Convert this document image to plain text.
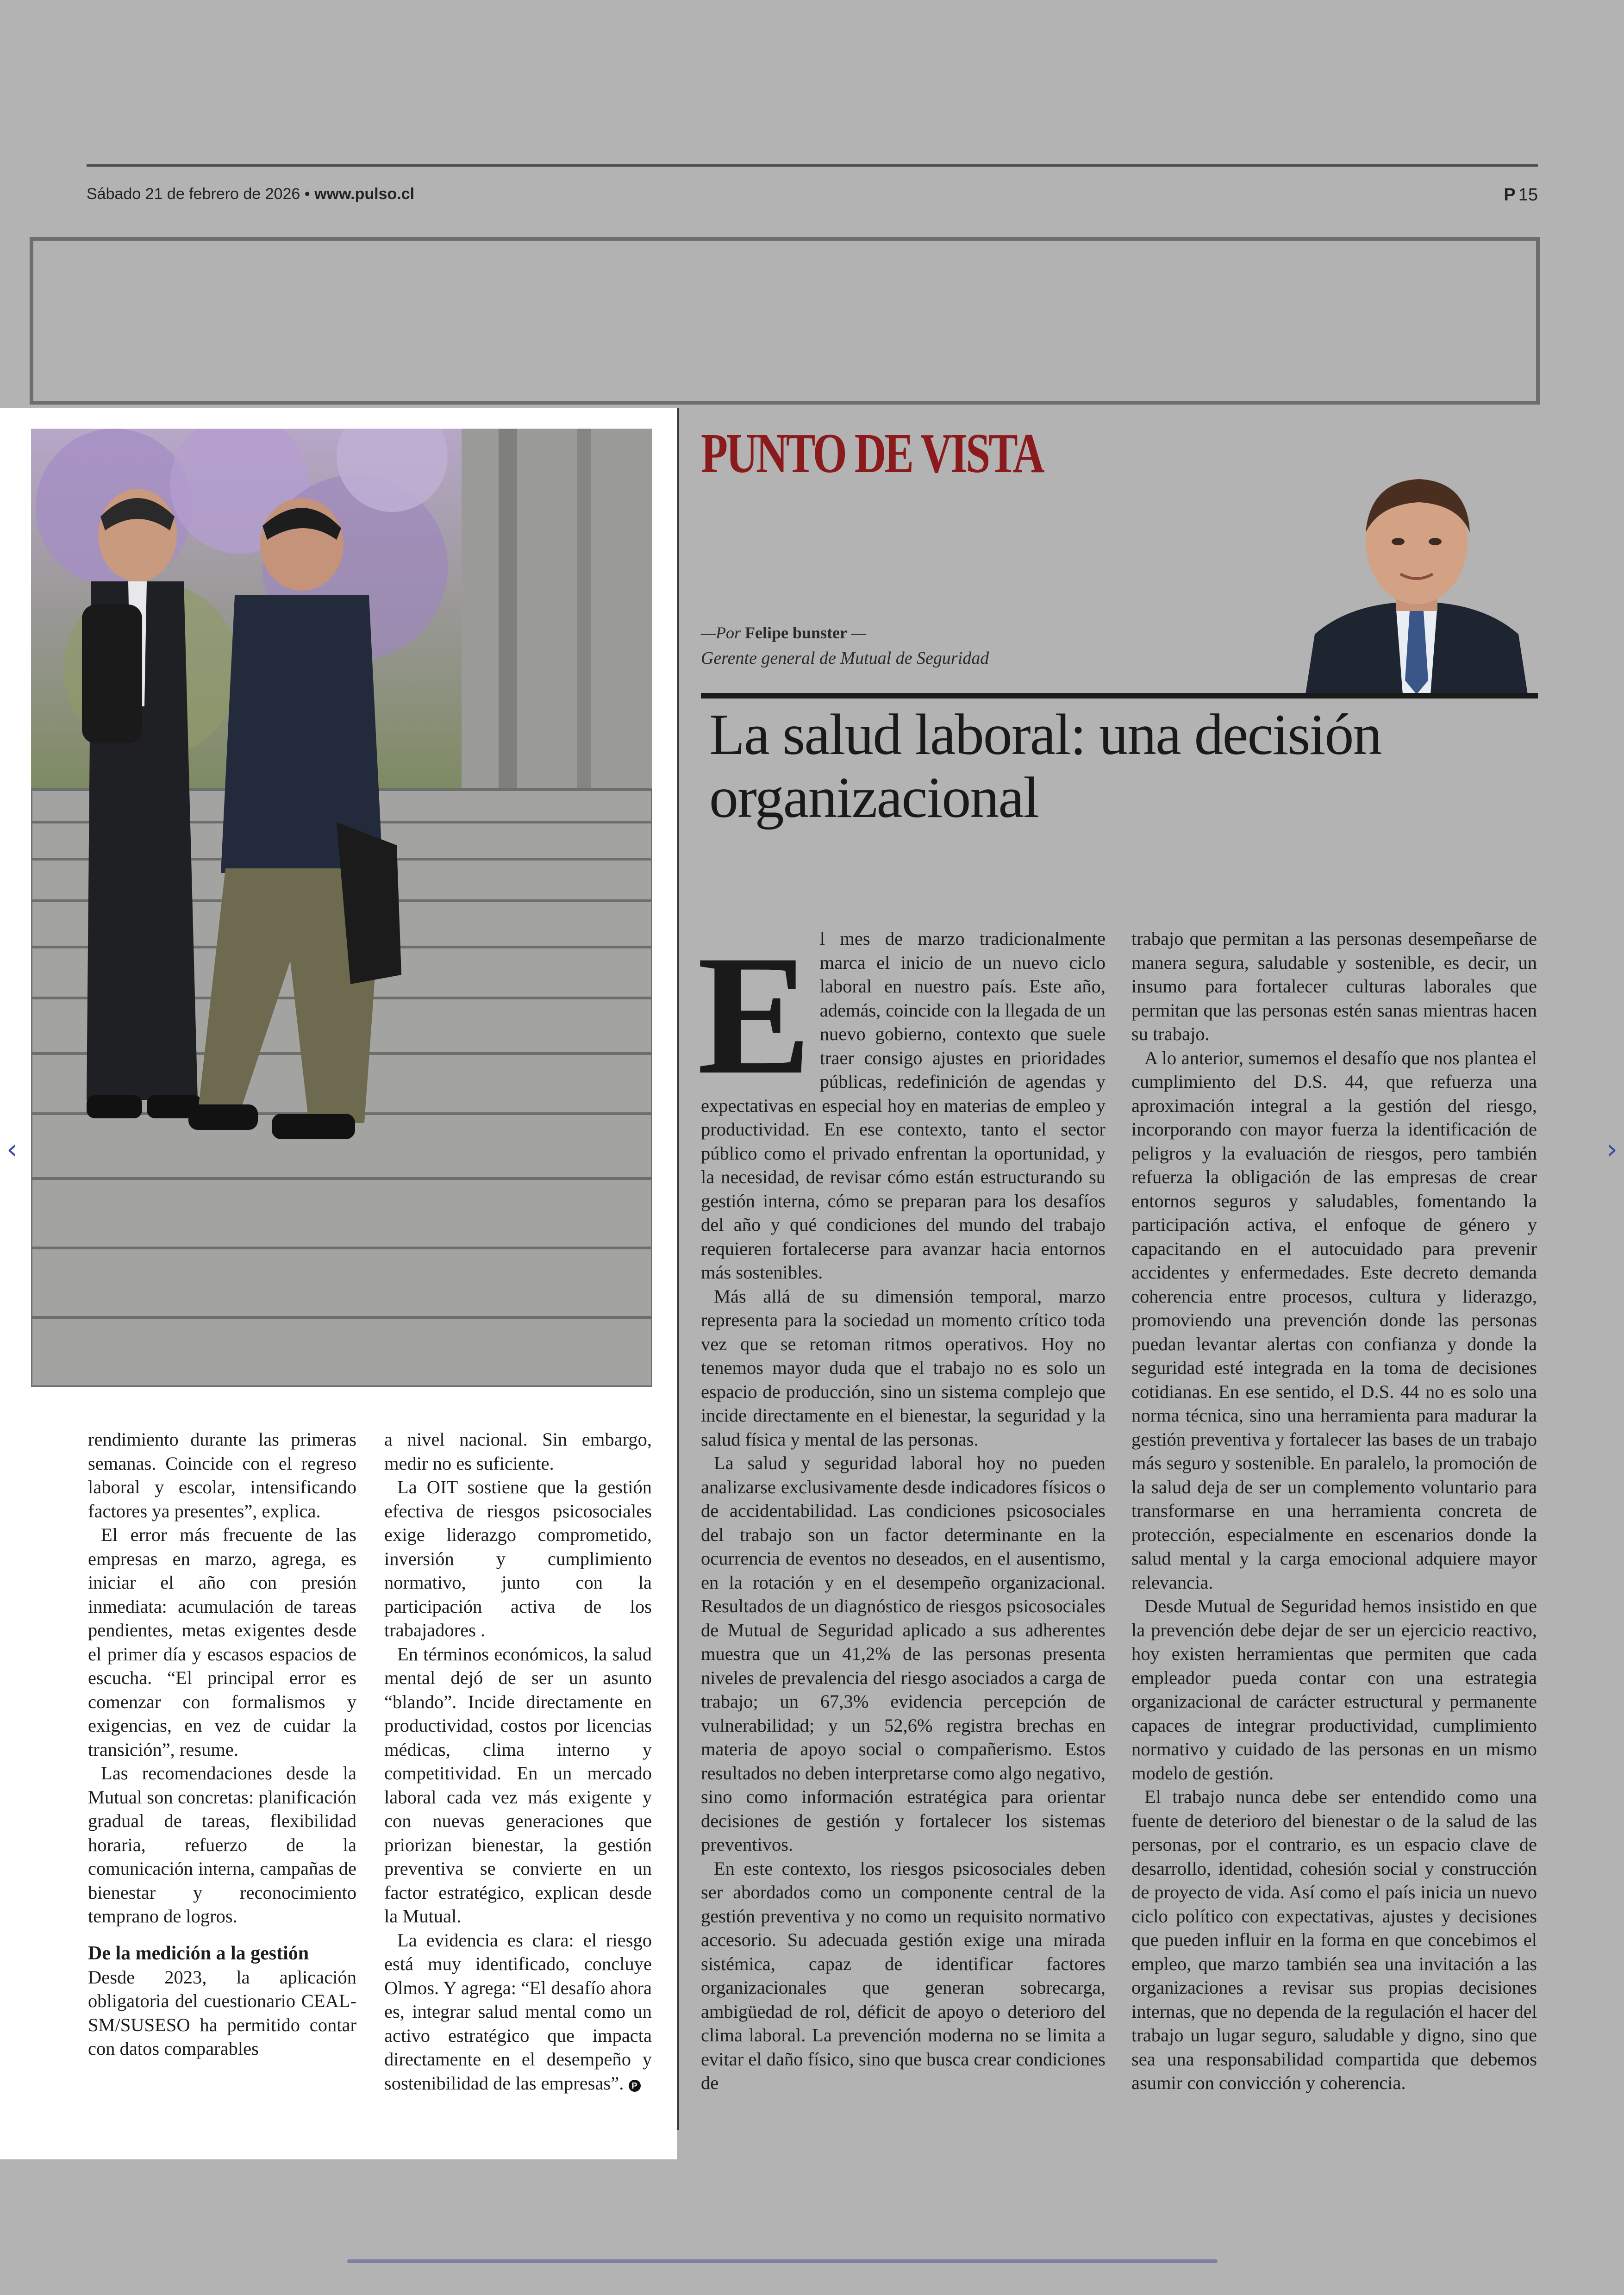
Sábado 21 de febrero de 2026 • www.pulso.cl	P 15

rendimiento durante las primeras semanas. Coincide con el regreso laboral y escolar, intensificando factores ya presentes”, explica.

El error más frecuente de las empresas en marzo, agrega, es iniciar el año con presión inmediata: acumulación de tareas pendientes, metas exigentes desde el primer día y escasos espacios de escucha. “El principal error es comenzar con formalismos y exigencias, en vez de cuidar la transición”, resume.

Las recomendaciones desde la Mutual son concretas: planificación gradual de tareas, flexibilidad horaria, refuerzo de la comunicación interna, campañas de bienestar y reconocimiento temprano de logros.

De la medición a la gestión

Desde 2023, la aplicación obligatoria del cuestionario CEAL-SM/SUSESO ha permitido contar con datos comparables

a nivel nacional. Sin embargo, medir no es suficiente.

La OIT sostiene que la gestión efectiva de riesgos psicosociales exige liderazgo comprometido, inversión y cumplimiento normativo, junto con la participación activa de los trabajadores .

En términos económicos, la salud mental dejó de ser un asunto “blando”. Incide directamente en productividad, costos por licencias médicas, clima interno y competitividad. En un mercado laboral cada vez más exigente y con nuevas generaciones que priorizan bienestar, la gestión preventiva se convierte en un factor estratégico, explican desde la Mutual.

La evidencia es clara: el riesgo está muy identificado, concluye Olmos. Y agrega: “El desafío ahora es, integrar salud mental como un activo estratégico que impacta directamente en el desempeño y sostenibilidad de las empresas”. P

PUNTO DE VISTA
—Por Felipe bunster —
Gerente general de Mutual de Seguridad
La salud laboral: una decisión organizacional

El mes de marzo tradicionalmente marca el inicio de un nuevo ciclo laboral en nuestro país. Este año, además, coincide con la llegada de un nuevo gobierno, contexto que suele traer consigo ajustes en prioridades públicas, redefinición de agendas y expectativas en especial hoy en materias de empleo y productividad. En ese contexto, tanto el sector público como el privado enfrentan la oportunidad, y la necesidad, de revisar cómo están estructurando su gestión interna, cómo se preparan para los desafíos del año y qué condiciones del mundo del trabajo requieren fortalecerse para avanzar hacia entornos más sostenibles.

Más allá de su dimensión temporal, marzo representa para la sociedad un momento crítico toda vez que se retoman ritmos operativos. Hoy no tenemos mayor duda que el trabajo no es solo un espacio de producción, sino un sistema complejo que incide directamente en el bienestar, la seguridad y la salud física y mental de las personas.

La salud y seguridad laboral hoy no pueden analizarse exclusivamente desde indicadores físicos o de accidentabilidad. Las condiciones psicosociales del trabajo son un factor determinante en la ocurrencia de eventos no deseados, en el ausentismo, en la rotación y en el desempeño organizacional. Resultados de un diagnóstico de riesgos psicosociales de Mutual de Seguridad aplicado a sus adherentes muestra que un 41,2% de las personas presenta niveles de prevalencia del riesgo asociados a carga de trabajo; un 67,3% evidencia percepción de vulnerabilidad; y un 52,6% registra brechas en materia de apoyo social o compañerismo. Estos resultados no deben interpretarse como algo negativo, sino como información estratégica para orientar decisiones de gestión y fortalecer los sistemas preventivos.

En este contexto, los riesgos psicosociales deben ser abordados como un componente central de la gestión preventiva y no como un requisito normativo accesorio. Su adecuada gestión exige una mirada sistémica, capaz de identificar factores organizacionales que generan sobrecarga, ambigüedad de rol, déficit de apoyo o deterioro del clima laboral. La prevención moderna no se limita a evitar el daño físico, sino que busca crear condiciones de

trabajo que permitan a las personas desempeñarse de manera segura, saludable y sostenible, es decir, un insumo para fortalecer culturas laborales que permitan que las personas estén sanas mientras hacen su trabajo.

A lo anterior, sumemos el desafío que nos plantea el cumplimiento del D.S. 44, que refuerza una aproximación integral a la gestión del riesgo, incorporando con mayor fuerza la identificación de peligros y la evaluación de riesgos, pero también refuerza la obligación de las empresas de crear entornos seguros y saludables, fomentando la participación activa, el enfoque de género y capacitando en el autocuidado para prevenir accidentes y enfermedades. Este decreto demanda coherencia entre procesos, cultura y liderazgo, promoviendo una prevención donde las personas puedan levantar alertas con confianza y donde la seguridad esté integrada en la toma de decisiones cotidianas. En ese sentido, el D.S. 44 no es solo una norma técnica, sino una herramienta para madurar la gestión preventiva y fortalecer las bases de un trabajo más seguro y sostenible. En paralelo, la promoción de la salud deja de ser un complemento voluntario para transformarse en una herramienta concreta de protección, especialmente en escenarios donde la salud mental y la carga emocional adquiere mayor relevancia.

Desde Mutual de Seguridad hemos insistido en que la prevención debe dejar de ser un ejercicio reactivo, hoy existen herramientas que permiten que cada empleador pueda contar con una estrategia organizacional de carácter estructural y permanente capaces de integrar productividad, cumplimiento normativo y cuidado de las personas en un mismo modelo de gestión.

El trabajo nunca debe ser entendido como una fuente de deterioro del bienestar o de la salud de las personas, por el contrario, es un espacio clave de desarrollo, identidad, cohesión social y construcción de proyecto de vida. Así como el país inicia un nuevo ciclo político con expectativas, ajustes y decisiones que pueden influir en la forma en que concebimos el empleo, que marzo también sea una invitación a las organizaciones a revisar sus propias decisiones internas, que no dependa de la regulación el hacer del trabajo un lugar seguro, saludable y digno, sino que sea una responsabilidad compartida que debemos asumir con convicción y coherencia.

‹	›
